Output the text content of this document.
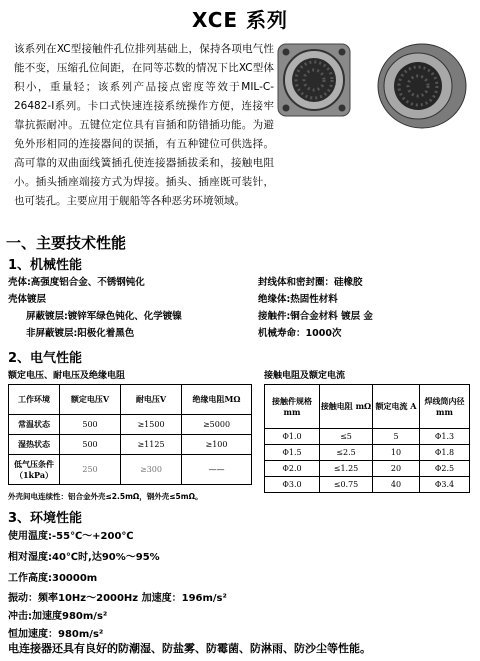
XCE 系列
该系列在XC型接触件孔位排列基础上，保持各项电气性能不变，压缩孔位间距，在同等芯数的情况下比XC型体积小，重量轻；该系列产品接点密度等效于MIL-C-26482-I系列。卡口式快速连接系统操作方便，连接牢靠抗振耐冲。五键位定位具有盲插和防错插功能。为避免外形相同的连接器间的误插，有五种键位可供选择。高可靠的双曲面线簧插孔使连接器插拔柔和，接触电阻小。插头插座端接方式为焊接。插头、插座既可装针，也可装孔。主要应用于舰船等各种恶劣环境领域。
一、主要技术性能
1、机械性能
壳体:高强度铝合金、不锈钢钝化
壳体镀层
屏蔽镀层:镀锌军绿色钝化、化学镀镍
非屏蔽镀层:阳极化着黑色
封线体和密封圈：硅橡胶
绝缘体:热固性材料
接触件:铜合金材料 镀层 金
机械寿命：1000次
2、电气性能
额定电压、耐电压及绝缘电阻	接触电阻及额定电流
工作环境	额定电压V	耐电压V	绝缘电阻MΩ
常温状态	500	≥1500	≥5000
湿热状态	500	≥1125	≥100
低气压条件（1kPa）	250	≥300	——
接触件规格 mm	接触电阻 mΩ	额定电流 A	焊线筒内径 mm
Φ1.0	≤5	5	Φ1.3
Φ1.5	≤2.5	10	Φ1.8
Φ2.0	≤1.25	20	Φ2.5
Φ3.0	≤0.75	40	Φ3.4
外壳间电连续性：铝合金外壳≤2.5mΩ，钢外壳≤5mΩ。
3、环境性能
使用温度:-55℃～+200℃
相对湿度:40℃时,达90%～95%
工作高度:30000m
振动：频率10Hz～2000Hz 加速度：196m/s²
冲击:加速度980m/s²
恒加速度：980m/s²
电连接器还具有良好的防潮湿、防盐雾、防霉菌、防淋雨、防沙尘等性能。
